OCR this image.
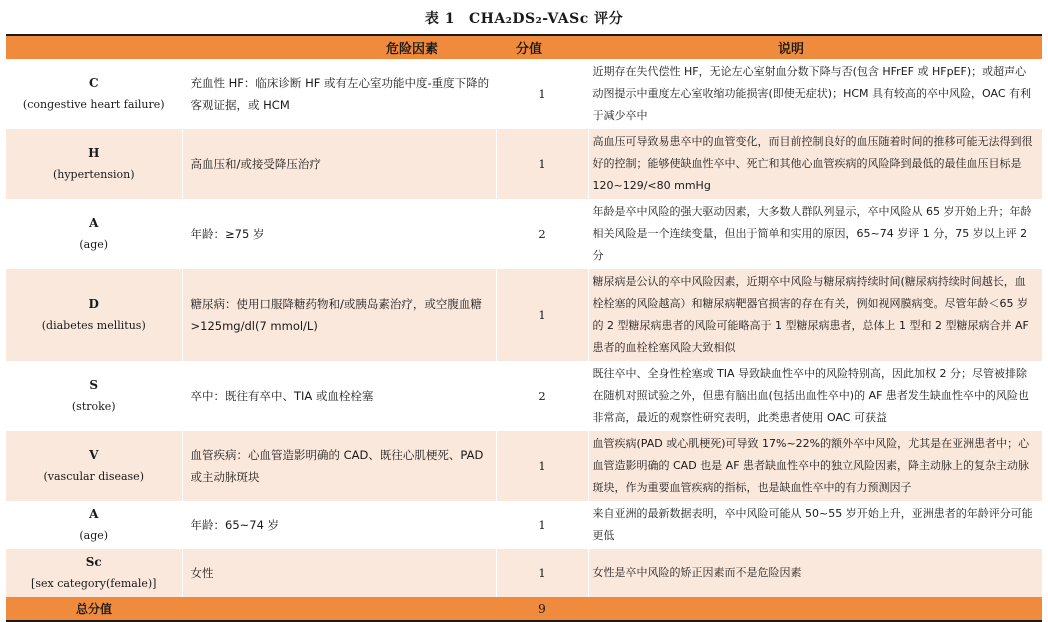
表 1 CHA₂DS₂-VASc 评分
	危险因素	分值	说明

C
(congestive heart failure)	充血性 HF：临床诊断 HF 或有左心室功能中度-重度下降的客观证据，或 HCM	1	近期存在失代偿性 HF，无论左心室射血分数下降与否(包含 HFrEF 或 HFpEF)；或超声心动图提示中重度左心室收缩功能损害(即使无症状)；HCM 具有较高的卒中风险，OAC 有利于减少卒中

H
(hypertension)	高血压和/或接受降压治疗	1	高血压可导致易患卒中的血管变化，而目前控制良好的血压随着时间的推移可能无法得到很好的控制；能够使缺血性卒中、死亡和其他心血管疾病的风险降到最低的最佳血压目标是 120~129/<80 mmHg

A
(age)	年龄：≥75 岁	2	年龄是卒中风险的强大驱动因素，大多数人群队列显示，卒中风险从 65 岁开始上升；年龄相关风险是一个连续变量，但出于简单和实用的原因，65~74 岁评 1 分，75 岁以上评 2 分

D
(diabetes mellitus)	糖尿病：使用口服降糖药物和/或胰岛素治疗，或空腹血糖>125mg/dl(7 mmol/L)	1	糖尿病是公认的卒中风险因素，近期卒中风险与糖尿病持续时间(糖尿病持续时间越长，血栓栓塞的风险越高）和糖尿病靶器官损害的存在有关，例如视网膜病变。尽管年龄＜65 岁的 2 型糖尿病患者的风险可能略高于 1 型糖尿病患者，总体上 1 型和 2 型糖尿病合并 AF 患者的血栓栓塞风险大致相似

S
(stroke)	卒中：既往有卒中、TIA 或血栓栓塞	2	既往卒中、全身性栓塞或 TIA 导致缺血性卒中的风险特别高，因此加权 2 分；尽管被排除在随机对照试验之外，但患有脑出血(包括出血性卒中)的 AF 患者发生缺血性卒中的风险也非常高，最近的观察性研究表明，此类患者使用 OAC 可获益

V
(vascular disease)	血管疾病：心血管造影明确的 CAD、既往心肌梗死、PAD 或主动脉斑块	1	血管疾病(PAD 或心肌梗死)可导致 17%~22%的额外卒中风险，尤其是在亚洲患者中；心血管造影明确的 CAD 也是 AF 患者缺血性卒中的独立风险因素，降主动脉上的复杂主动脉斑块，作为重要血管疾病的指标，也是缺血性卒中的有力预测因子

A
(age)	年龄：65~74 岁	1	来自亚洲的最新数据表明，卒中风险可能从 50~55 岁开始上升，亚洲患者的年龄评分可能更低

Sc
[sex category(female)]	女性	1	女性是卒中风险的矫正因素而不是危险因素
总分值		9	
